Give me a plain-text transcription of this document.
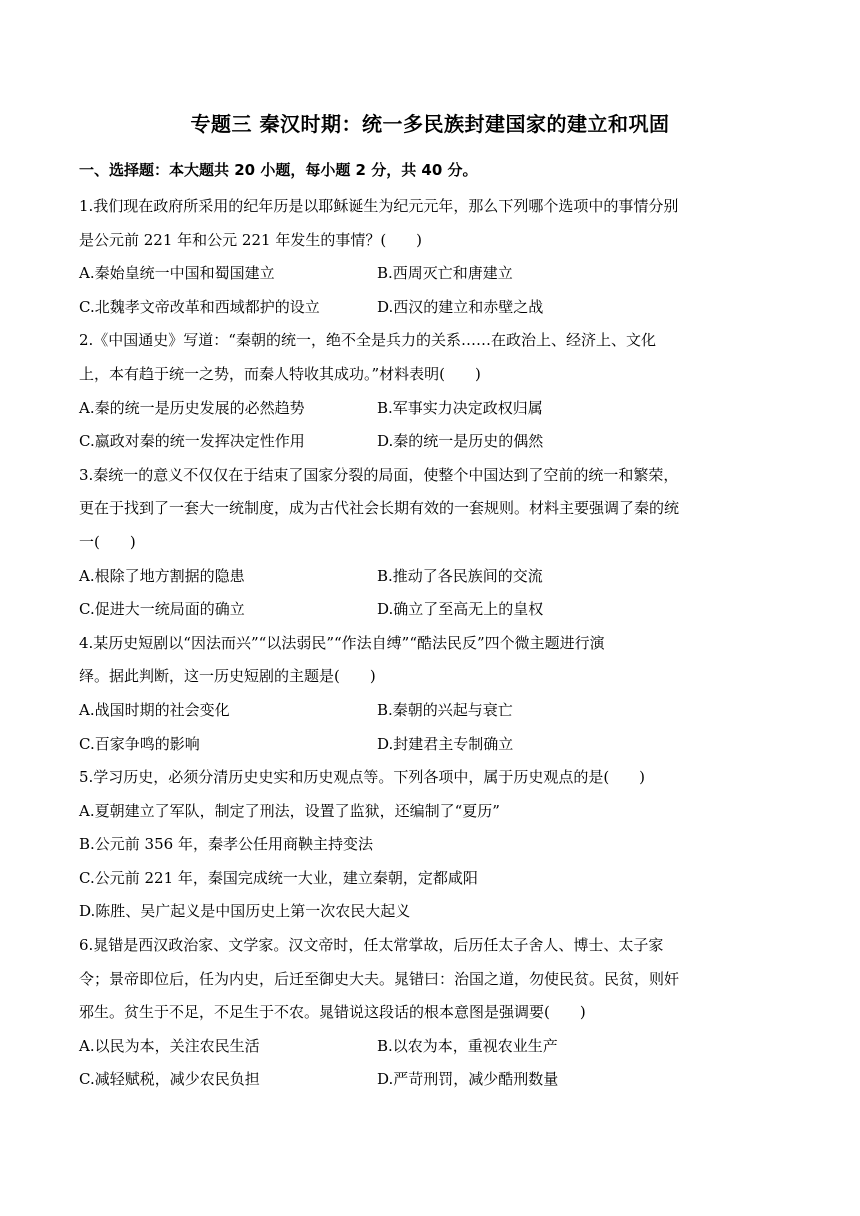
专题三 秦汉时期：统一多民族封建国家的建立和巩固
一、选择题：本大题共 20 小题，每小题 2 分，共 40 分。
1.我们现在政府所采用的纪年历是以耶稣诞生为纪元元年，那么下列哪个选项中的事情分别
是公元前 221 年和公元 221 年发生的事情？(　　)
A.秦始皇统一中国和蜀国建立	B.西周灭亡和唐建立
C.北魏孝文帝改革和西域都护的设立	D.西汉的建立和赤壁之战
2.《中国通史》写道：“秦朝的统一，绝不全是兵力的关系……在政治上、经济上、文化
上，本有趋于统一之势，而秦人特收其成功。”材料表明(　　)
A.秦的统一是历史发展的必然趋势	B.军事实力决定政权归属
C.嬴政对秦的统一发挥决定性作用	D.秦的统一是历史的偶然
3.秦统一的意义不仅仅在于结束了国家分裂的局面，使整个中国达到了空前的统一和繁荣，
更在于找到了一套大一统制度，成为古代社会长期有效的一套规则。材料主要强调了秦的统
一(　　)
A.根除了地方割据的隐患	B.推动了各民族间的交流
C.促进大一统局面的确立	D.确立了至高无上的皇权
4.某历史短剧以“因法而兴”“以法弱民”“作法自缚”“酷法民反”四个微主题进行演
绎。据此判断，这一历史短剧的主题是(　　)
A.战国时期的社会变化	B.秦朝的兴起与衰亡
C.百家争鸣的影响	D.封建君主专制确立
5.学习历史，必须分清历史史实和历史观点等。下列各项中，属于历史观点的是(　　)
A.夏朝建立了军队，制定了刑法，设置了监狱，还编制了“夏历”
B.公元前 356 年，秦孝公任用商鞅主持变法
C.公元前 221 年，秦国完成统一大业，建立秦朝，定都咸阳
D.陈胜、吴广起义是中国历史上第一次农民大起义
6.晁错是西汉政治家、文学家。汉文帝时，任太常掌故，后历任太子舍人、博士、太子家
令；景帝即位后，任为内史，后迁至御史大夫。晁错曰：治国之道，勿使民贫。民贫，则奸
邪生。贫生于不足，不足生于不农。晁错说这段话的根本意图是强调要(　　)
A.以民为本，关注农民生活	B.以农为本，重视农业生产
C.减轻赋税，减少农民负担	D.严苛刑罚，减少酷刑数量
